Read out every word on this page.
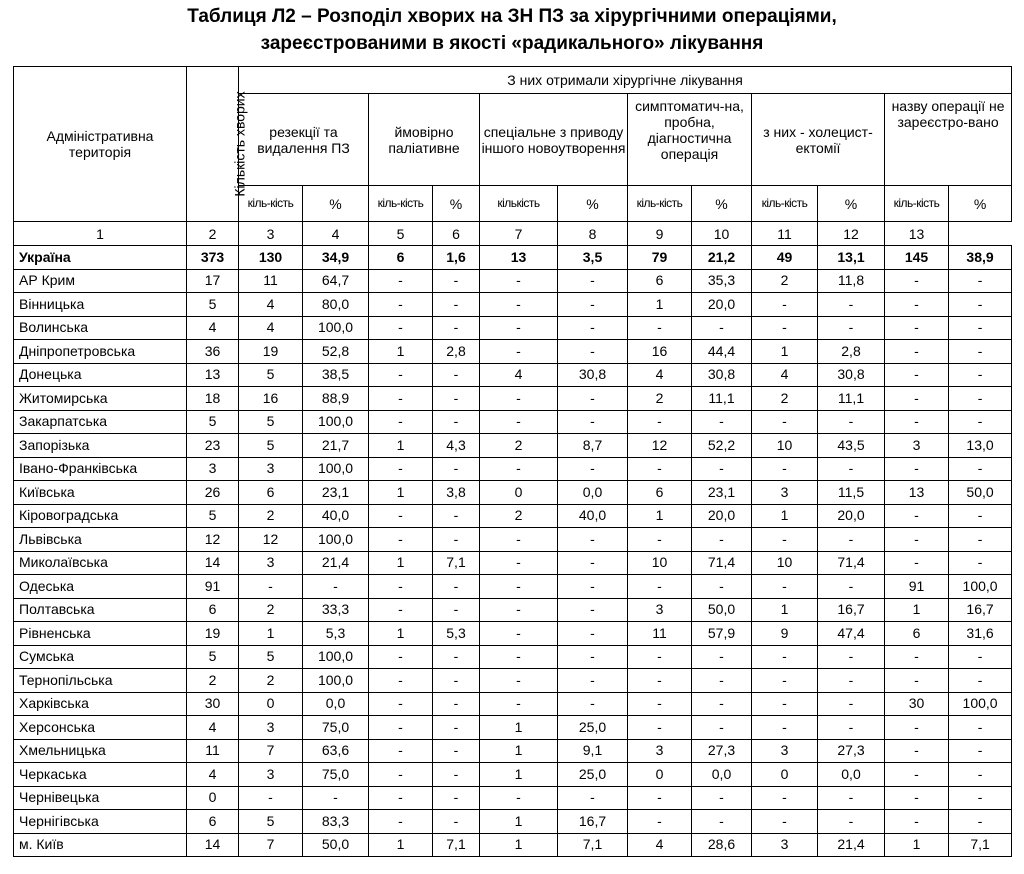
Таблиця Л2 – Розподіл хворих на ЗН ПЗ за хірургічними операціями,
зареєстрованими в якості «радикального» лікування
Адміністративна територія	Кількість хворих	З них отримали хірургічне лікування											
		резекції та видалення ПЗ		ймовірно паліативне		спеціальне з приводу іншого новоутворення		симптоматич-на, пробна, діагностична операція		з них - холецист-ектомії		назву операції не зареєстро-вано	
		кіль-кість	%	кіль-кість	%	кількість	%	кіль-кість	%	кіль-кість	%	кіль-кість	%
1	2	3	4	5	6	7	8	9	10	11	12	13	
Україна	373	130	34,9	6	1,6	13	3,5	79	21,2	49	13,1	145	38,9
АР Крим	17	11	64,7	-	-	-	-	6	35,3	2	11,8	-	-
Вінницька	5	4	80,0	-	-	-	-	1	20,0	-	-	-	-
Волинська	4	4	100,0	-	-	-	-	-	-	-	-	-	-
Дніпропетровська	36	19	52,8	1	2,8	-	-	16	44,4	1	2,8	-	-
Донецька	13	5	38,5	-	-	4	30,8	4	30,8	4	30,8	-	-
Житомирська	18	16	88,9	-	-	-	-	2	11,1	2	11,1	-	-
Закарпатська	5	5	100,0	-	-	-	-	-	-	-	-	-	-
Запорізька	23	5	21,7	1	4,3	2	8,7	12	52,2	10	43,5	3	13,0
Івано-Франківська	3	3	100,0	-	-	-	-	-	-	-	-	-	-
Київська	26	6	23,1	1	3,8	0	0,0	6	23,1	3	11,5	13	50,0
Кіровоградська	5	2	40,0	-	-	2	40,0	1	20,0	1	20,0	-	-
Львівська	12	12	100,0	-	-	-	-	-	-	-	-	-	-
Миколаївська	14	3	21,4	1	7,1	-	-	10	71,4	10	71,4	-	-
Одеська	91	-	-	-	-	-	-	-	-	-	-	91	100,0
Полтавська	6	2	33,3	-	-	-	-	3	50,0	1	16,7	1	16,7
Рівненська	19	1	5,3	1	5,3	-	-	11	57,9	9	47,4	6	31,6
Сумська	5	5	100,0	-	-	-	-	-	-	-	-	-	-
Тернопільська	2	2	100,0	-	-	-	-	-	-	-	-	-	-
Харківська	30	0	0,0	-	-	-	-	-	-	-	-	30	100,0
Херсонська	4	3	75,0	-	-	1	25,0	-	-	-	-	-	-
Хмельницька	11	7	63,6	-	-	1	9,1	3	27,3	3	27,3	-	-
Черкаська	4	3	75,0	-	-	1	25,0	0	0,0	0	0,0	-	-
Чернівецька	0	-	-	-	-	-	-	-	-	-	-	-	-
Чернігівська	6	5	83,3	-	-	1	16,7	-	-	-	-	-	-
м. Київ	14	7	50,0	1	7,1	1	7,1	4	28,6	3	21,4	1	7,1
